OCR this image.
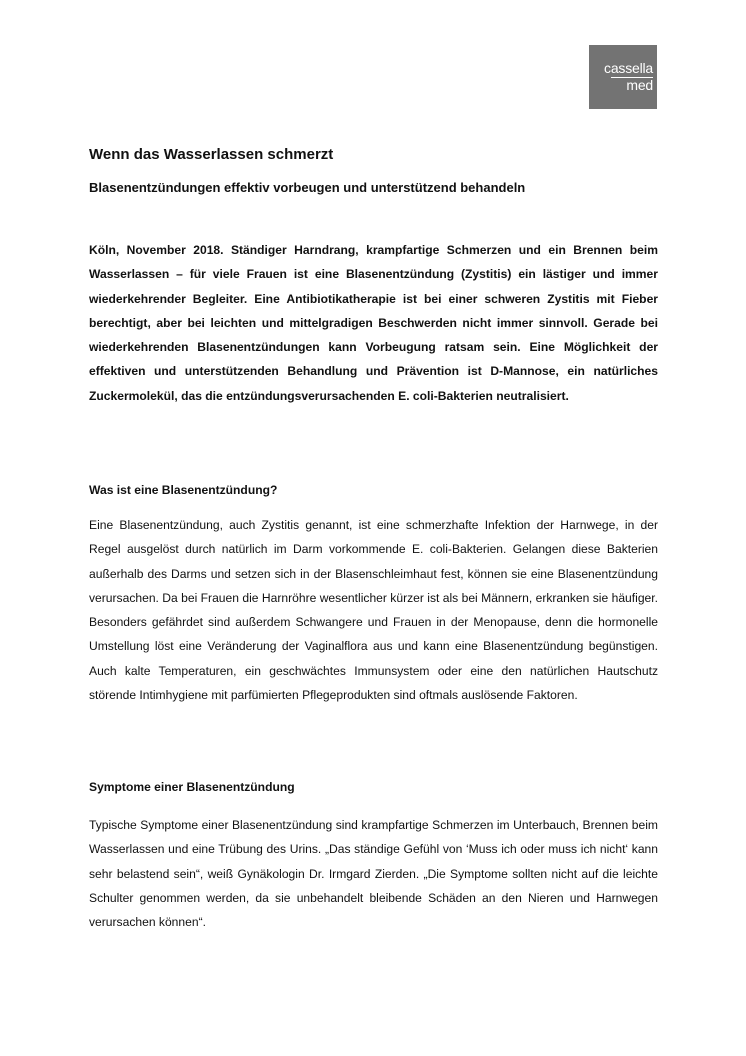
cassella
med
Wenn das Wasserlassen schmerzt
Blasenentzündungen effektiv vorbeugen und unterstützend behandeln

Köln, November 2018. Ständiger Harndrang, krampfartige Schmerzen und ein Brennen beim Wasserlassen – für viele Frauen ist eine Blasenentzündung (Zystitis) ein lästiger und immer wiederkehrender Begleiter. Eine Antibiotikatherapie ist bei einer schweren Zystitis mit Fieber berechtigt, aber bei leichten und mittelgradigen Beschwerden nicht immer sinnvoll. Gerade bei wiederkehrenden Blasenentzündungen kann Vorbeugung ratsam sein. Eine Möglichkeit der effektiven und unterstützenden Behandlung und Prävention ist D-Mannose, ein natürliches Zuckermolekül, das die entzündungsverursachenden E. coli-Bakterien neutralisiert.

Was ist eine Blasenentzündung?

Eine Blasenentzündung, auch Zystitis genannt, ist eine schmerzhafte Infektion der Harnwege, in der Regel ausgelöst durch natürlich im Darm vorkommende E. coli-Bakterien. Gelangen diese Bakterien außerhalb des Darms und setzen sich in der Blasenschleimhaut fest, können sie eine Blasenentzündung verursachen. Da bei Frauen die Harnröhre wesentlicher kürzer ist als bei Männern, erkranken sie häufiger. Besonders gefährdet sind außerdem Schwangere und Frauen in der Menopause, denn die hormonelle Umstellung löst eine Veränderung der Vaginalflora aus und kann eine Blasenentzündung begünstigen. Auch kalte Temperaturen, ein geschwächtes Immunsystem oder eine den natürlichen Hautschutz störende Intimhygiene mit parfümierten Pflegeprodukten sind oftmals auslösende Faktoren.

Symptome einer Blasenentzündung

Typische Symptome einer Blasenentzündung sind krampfartige Schmerzen im Unterbauch, Brennen beim Wasserlassen und eine Trübung des Urins. „Das ständige Gefühl von ‘Muss ich oder muss ich nicht‘ kann sehr belastend sein“, weiß Gynäkologin Dr. Irmgard Zierden. „Die Symptome sollten nicht auf die leichte Schulter genommen werden, da sie unbehandelt bleibende Schäden an den Nieren und Harnwegen verursachen können“.
